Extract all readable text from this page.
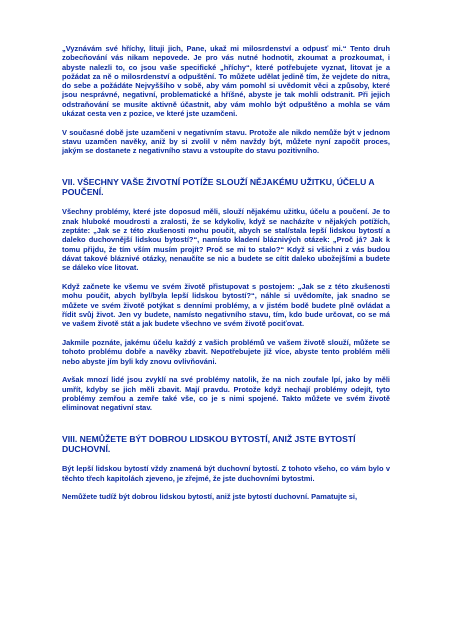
„Vyznávám své hříchy, lituji jich, Pane, ukaž mi milosrdenství a odpusť mi.“ Tento druh zobecňování vás nikam nepovede. Je pro vás nutné hodnotit, zkoumat a prozkoumat, i abyste nalezli to, co jsou vaše specifické „hříchy“, které potřebujete vyznat, litovat je a požádat za ně o milosrdenství a odpuštění. To můžete udělat jedině tím, že vejdete do nitra, do sebe a požádáte Nejvyššího v sobě, aby vám pomohl si uvědomit věci a způsoby, které jsou nesprávné, negativní, problematické a hříšné, abyste je tak mohli odstranit. Při jejich odstraňování se musíte aktivně účastnit, aby vám mohlo být odpuštěno a mohla se vám ukázat cesta ven z pozice, ve které jste uzamčeni.

V současné době jste uzamčeni v negativním stavu. Protože ale nikdo nemůže být v jednom stavu uzamčen navěky, aniž by si zvolil v něm navždy být, můžete nyní započít proces, jakým se dostanete z negativního stavu a vstoupíte do stavu pozitivního.

VII. VŠECHNY VAŠE ŽIVOTNÍ POTÍŽE SLOUŽÍ NĚJAKÉMU UŽITKU, ÚČELU A POUČENÍ.

Všechny problémy, které jste doposud měli, slouží nějakému užitku, účelu a poučení. Je to znak hluboké moudrosti a zralosti, že se kdykoliv, když se nacházíte v nějakých potížích, zeptáte: „Jak se z této zkušenosti mohu poučit, abych se stal/stala lepší lidskou bytostí a daleko duchovnější lidskou bytostí?“, namísto kladení bláznivých otázek: „Proč já? Jak k tomu přijdu, že tím vším musím projít? Proč se mi to stalo?“ Když si všichni z vás budou dávat takové bláznivé otázky, nenaučíte se nic a budete se cítit daleko ubožejšími a budete se dáleko více litovat.

Když začnete ke všemu ve svém životě přistupovat s postojem: „Jak se z této zkušenosti mohu poučit, abych byl/byla lepší lidskou bytostí?“, náhle si uvědomíte, jak snadno se můžete ve svém životě potýkat s denními problémy, a v jistém bodě budete plně ovládat a řídit svůj život. Jen vy budete, namísto negativního stavu, tím, kdo bude určovat, co se má ve vašem životě stát a jak budete všechno ve svém životě pociťovat.

Jakmile poznáte, jakému účelu každý z vašich problémů ve vašem životě slouží, můžete se tohoto problému dobře a navěky zbavit. Nepotřebujete již více, abyste tento problém měli nebo abyste jím byli kdy znovu ovlivňováni.

Avšak mnozí lidé jsou zvyklí na své problémy natolik, že na nich zoufale lpí, jako by měli umřít, kdyby se jich měli zbavit. Mají pravdu. Protože když nechají problémy odejít, tyto problémy zemřou a zemře také vše, co je s nimi spojené. Takto můžete ve svém životě eliminovat negativní stav.

VIII. NEMŮŽETE BÝT DOBROU LIDSKOU BYTOSTÍ, ANIŽ JSTE BYTOSTÍ DUCHOVNÍ.

Být lepší lidskou bytostí vždy znamená být duchovní bytostí. Z tohoto všeho, co vám bylo v těchto třech kapitolách zjeveno, je zřejmé, že jste duchovními bytostmi.

Nemůžete tudíž být dobrou lidskou bytostí, aniž jste bytostí duchovní. Pamatujte si,
